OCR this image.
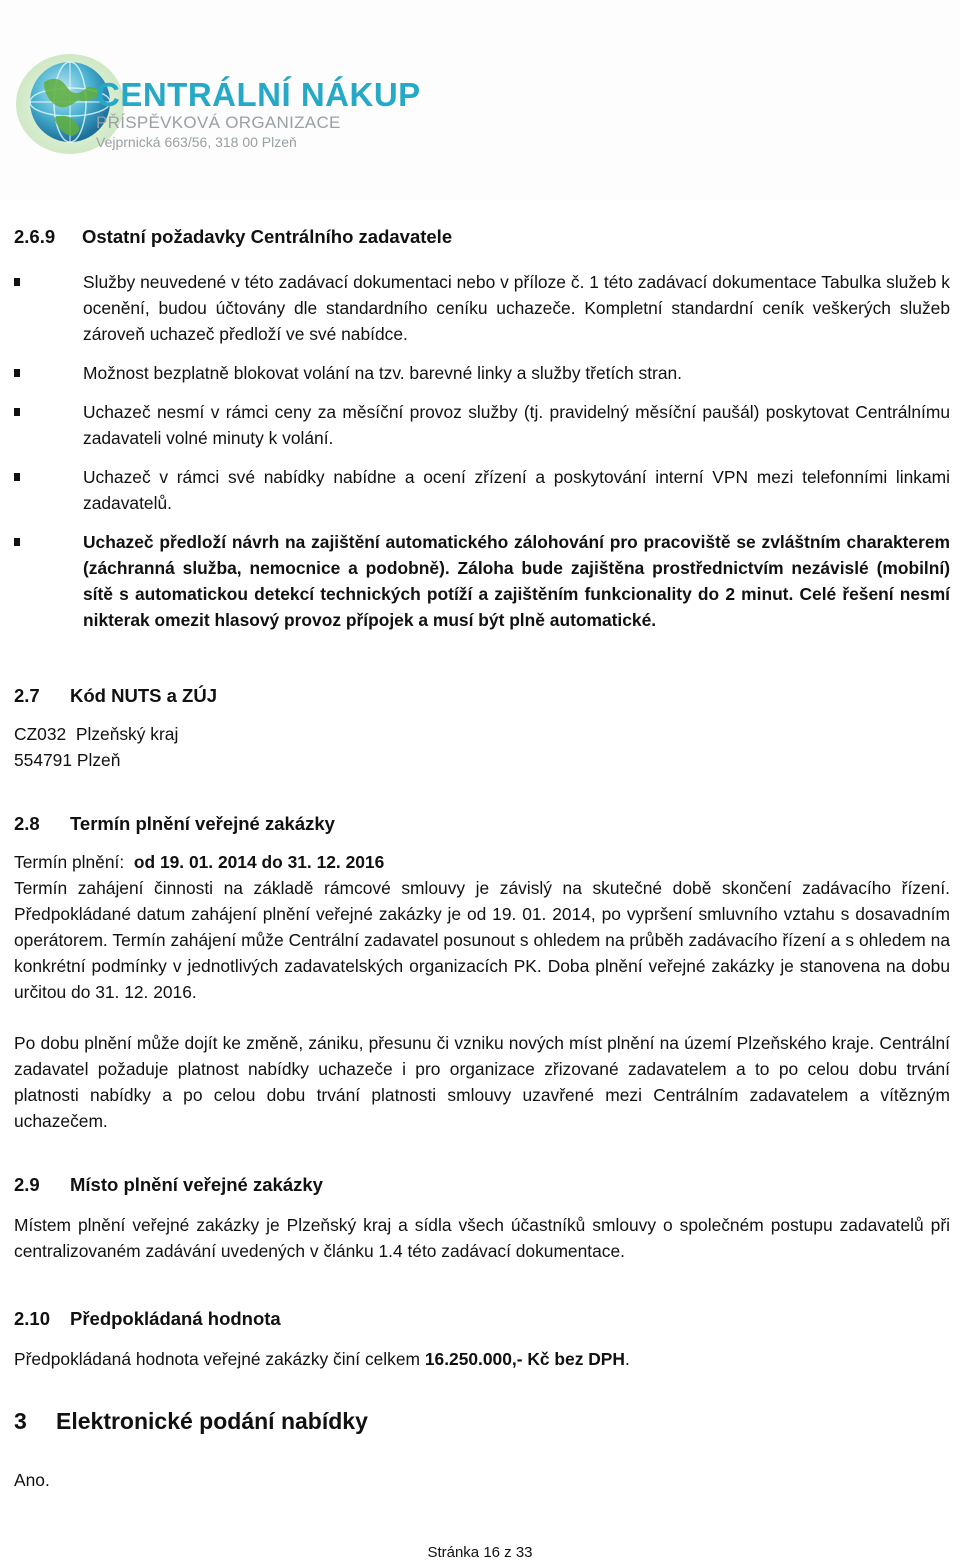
CENTRÁLNÍ NÁKUP
PŘÍSPĚVKOVÁ ORGANIZACE
Vejprnická 663/56, 318 00 Plzeň
2.6.9 Ostatní požadavky Centrálního zadavatele
Služby neuvedené v této zadávací dokumentaci nebo v příloze č. 1 této zadávací dokumentace Tabulka služeb k ocenění, budou účtovány dle standardního ceníku uchazeče. Kompletní standardní ceník veškerých služeb zároveň uchazeč předloží ve své nabídce.
Možnost bezplatně blokovat volání na tzv. barevné linky a služby třetích stran.
Uchazeč nesmí v rámci ceny za měsíční provoz služby (tj. pravidelný měsíční paušál) poskytovat Centrálnímu zadavateli volné minuty k volání.
Uchazeč v rámci své nabídky nabídne a ocení zřízení a poskytování interní VPN mezi telefonními linkami zadavatelů.
Uchazeč předloží návrh na zajištění automatického zálohování pro pracoviště se zvláštním charakterem (záchranná služba, nemocnice a podobně). Záloha bude zajištěna prostřednictvím nezávislé (mobilní) sítě s automatickou detekcí technických potíží a zajištěním funkcionality do 2 minut. Celé řešení nesmí nikterak omezit hlasový provoz přípojek a musí být plně automatické.
2.7 Kód NUTS a ZÚJ

CZ032  Plzeňský kraj

554791 Plzeň

2.8 Termín plnění veřejné zakázky

Termín plnění: od 19. 01. 2014 do 31. 12. 2016

Termín zahájení činnosti na základě rámcové smlouvy je závislý na skutečné době skončení zadávacího řízení. Předpokládané datum zahájení plnění veřejné zakázky je od 19. 01. 2014, po vypršení smluvního vztahu s dosavadním operátorem. Termín zahájení může Centrální zadavatel posunout s ohledem na průběh zadávacího řízení a s ohledem na konkrétní podmínky v jednotlivých zadavatelských organizacích PK. Doba plnění veřejné zakázky je stanovena na dobu určitou do 31. 12. 2016.

Po dobu plnění může dojít ke změně, zániku, přesunu či vzniku nových míst plnění na území Plzeňského kraje. Centrální zadavatel požaduje platnost nabídky uchazeče i pro organizace zřizované zadavatelem a to po celou dobu trvání platnosti nabídky a po celou dobu trvání platnosti smlouvy uzavřené mezi Centrálním zadavatelem a vítězným uchazečem.

2.9 Místo plnění veřejné zakázky

Místem plnění veřejné zakázky je Plzeňský kraj a sídla všech účastníků smlouvy o společném postupu zadavatelů při centralizovaném zadávání uvedených v článku 1.4 této zadávací dokumentace.

2.10 Předpokládaná hodnota

Předpokládaná hodnota veřejné zakázky činí celkem 16.250.000,- Kč bez DPH.

3 Elektronické podání nabídky

Ano.

Stránka 16 z 33
